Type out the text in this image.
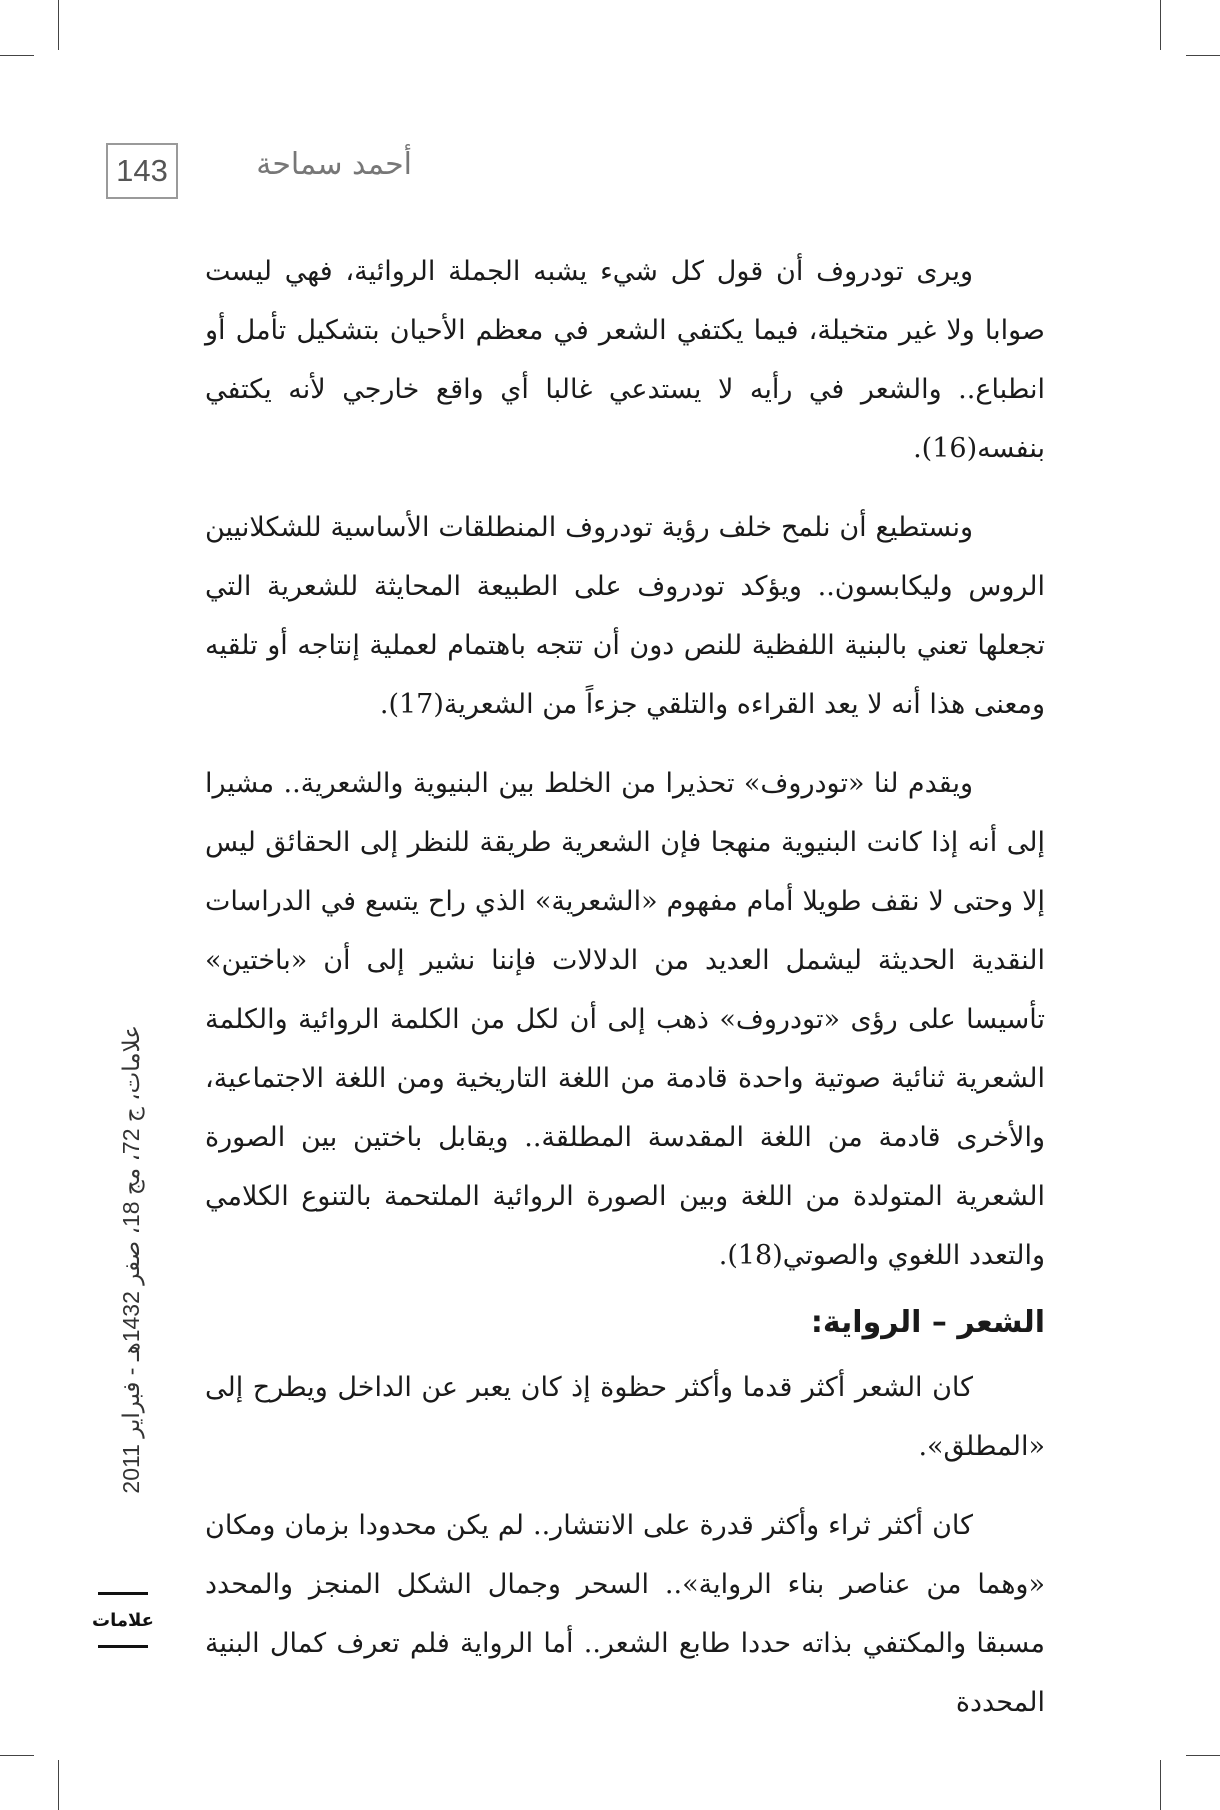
143	أحمد سماحة

ويرى تودروف أن قول كل شيء يشبه الجملة الروائية، فهي ليست صوابا ولا غير متخيلة، فيما يكتفي الشعر في معظم الأحيان بتشكيل تأمل أو انطباع.. والشعر في رأيه لا يستدعي غالبا أي واقع خارجي لأنه يكتفي بنفسه(16).

ونستطيع أن نلمح خلف رؤية تودروف المنطلقات الأساسية للشكلانيين الروس وليكابسون.. ويؤكد تودروف على الطبيعة المحايثة للشعرية التي تجعلها تعني بالبنية اللفظية للنص دون أن تتجه باهتمام لعملية إنتاجه أو تلقيه ومعنى هذا أنه لا يعد القراءه والتلقي جزءاً من الشعرية(17).

ويقدم لنا «تودروف» تحذيرا من الخلط بين البنيوية والشعرية.. مشيرا إلى أنه إذا كانت البنيوية منهجا فإن الشعرية طريقة للنظر إلى الحقائق ليس إلا وحتى لا نقف طويلا أمام مفهوم «الشعرية» الذي راح يتسع في الدراسات النقدية الحديثة ليشمل العديد من الدلالات فإننا نشير إلى أن «باختين» تأسيسا على رؤى «تودروف» ذهب إلى أن لكل من الكلمة الروائية والكلمة الشعرية ثنائية صوتية واحدة قادمة من اللغة التاريخية ومن اللغة الاجتماعية، والأخرى قادمة من اللغة المقدسة المطلقة.. ويقابل باختين بين الصورة الشعرية المتولدة من اللغة وبين الصورة الروائية الملتحمة بالتنوع الكلامي والتعدد اللغوي والصوتي(18).

الشعر – الرواية:

كان الشعر أكثر قدما وأكثر حظوة إذ كان يعبر عن الداخل ويطرح إلى «المطلق».

كان أكثر ثراء وأكثر قدرة على الانتشار.. لم يكن محدودا بزمان ومكان «وهما من عناصر بناء الرواية».. السحر وجمال الشكل المنجز والمحدد مسبقا والمكتفي بذاته حددا طابع الشعر.. أما الرواية فلم تعرف كمال البنية المحددة

علامات، ج 72، مج 18، صفر 1432هـ - فبراير 2011
علامات
